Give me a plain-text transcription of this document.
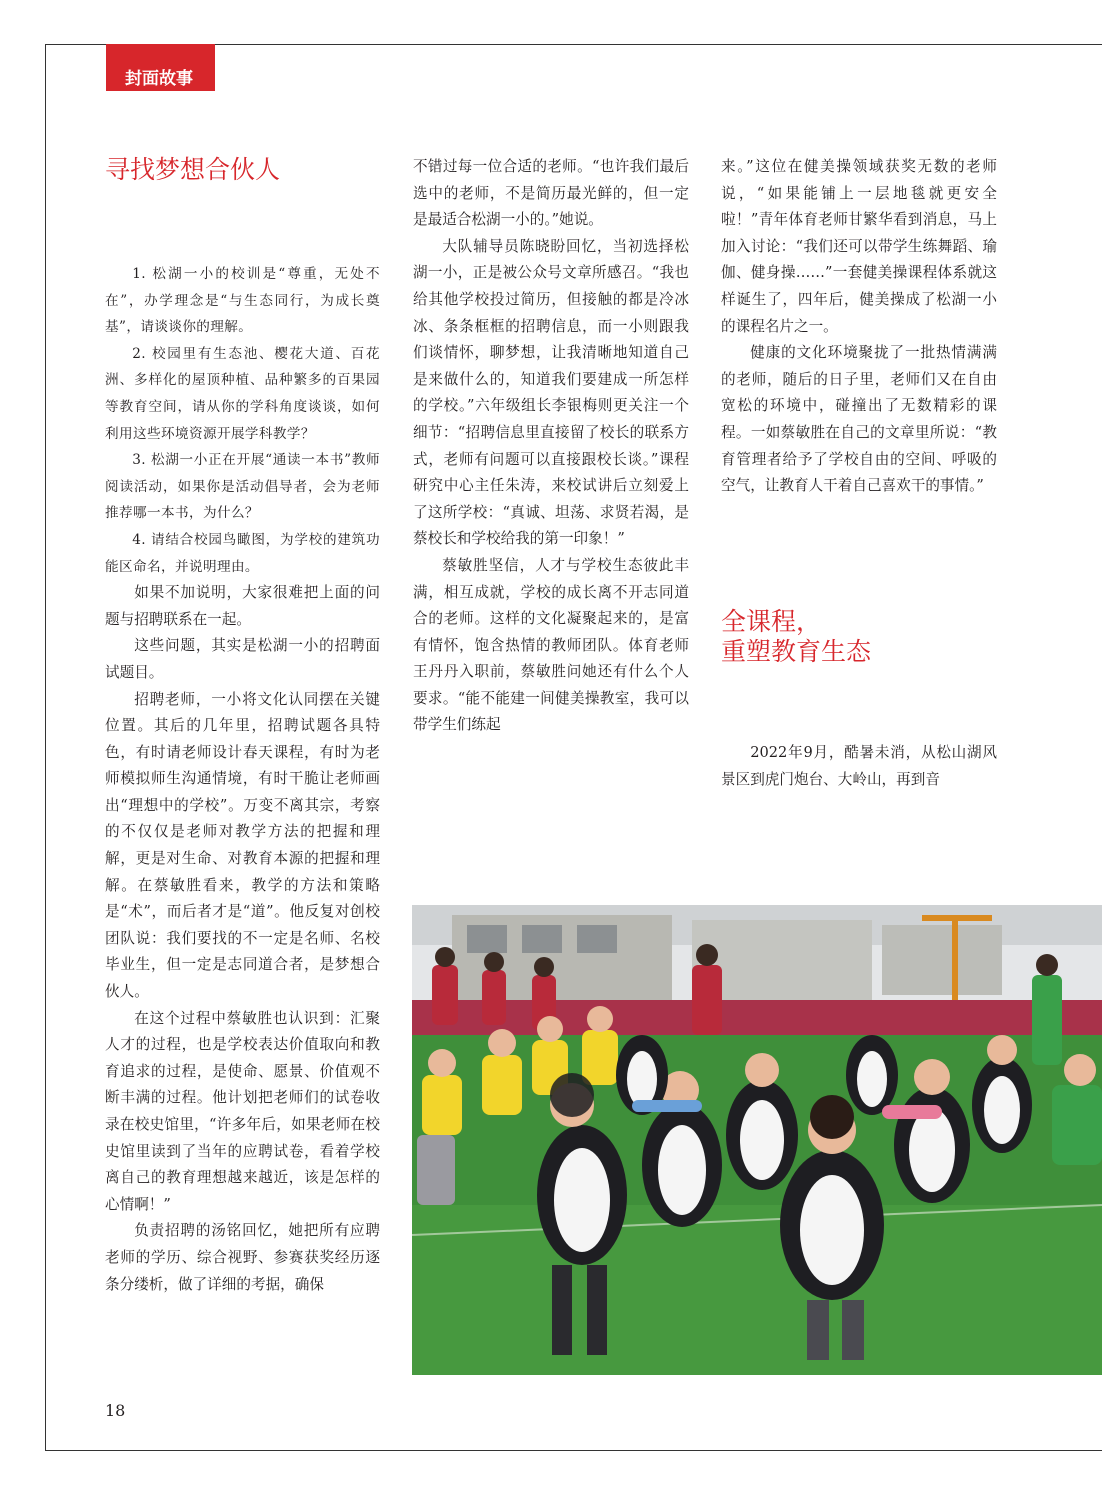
封面故事
寻找梦想合伙人

1. 松湖一小的校训是“尊重，无处不在”，办学理念是“与生态同行，为成长奠基”，请谈谈你的理解。

2. 校园里有生态池、樱花大道、百花洲、多样化的屋顶种植、品种繁多的百果园等教育空间，请从你的学科角度谈谈，如何利用这些环境资源开展学科教学？

3. 松湖一小正在开展“通读一本书”教师阅读活动，如果你是活动倡导者，会为老师推荐哪一本书，为什么？

4. 请结合校园鸟瞰图，为学校的建筑功能区命名，并说明理由。

如果不加说明，大家很难把上面的问题与招聘联系在一起。

这些问题，其实是松湖一小的招聘面试题目。

招聘老师，一小将文化认同摆在关键位置。其后的几年里，招聘试题各具特色，有时请老师设计春天课程，有时为老师模拟师生沟通情境，有时干脆让老师画出“理想中的学校”。万变不离其宗，考察的不仅仅是老师对教学方法的把握和理解，更是对生命、对教育本源的把握和理解。在蔡敏胜看来，教学的方法和策略是“术”，而后者才是“道”。他反复对创校团队说：我们要找的不一定是名师、名校毕业生，但一定是志同道合者，是梦想合伙人。

在这个过程中蔡敏胜也认识到：汇聚人才的过程，也是学校表达价值取向和教育追求的过程，是使命、愿景、价值观不断丰满的过程。他计划把老师们的试卷收录在校史馆里，“许多年后，如果老师在校史馆里读到了当年的应聘试卷，看着学校离自己的教育理想越来越近，该是怎样的心情啊！”

负责招聘的汤铭回忆，她把所有应聘老师的学历、综合视野、参赛获奖经历逐条分缕析，做了详细的考据，确保

不错过每一位合适的老师。“也许我们最后选中的老师，不是简历最光鲜的，但一定是最适合松湖一小的。”她说。

大队辅导员陈晓盼回忆，当初选择松湖一小，正是被公众号文章所感召。“我也给其他学校投过简历，但接触的都是冷冰冰、条条框框的招聘信息，而一小则跟我们谈情怀，聊梦想，让我清晰地知道自己是来做什么的，知道我们要建成一所怎样的学校。”六年级组长李银梅则更关注一个细节：“招聘信息里直接留了校长的联系方式，老师有问题可以直接跟校长谈。”课程研究中心主任朱涛，来校试讲后立刻爱上了这所学校：“真诚、坦荡、求贤若渴，是蔡校长和学校给我的第一印象！”

蔡敏胜坚信，人才与学校生态彼此丰满，相互成就，学校的成长离不开志同道合的老师。这样的文化凝聚起来的，是富有情怀，饱含热情的教师团队。体育老师王丹丹入职前，蔡敏胜问她还有什么个人要求。“能不能建一间健美操教室，我可以带学生们练起

来。”这位在健美操领域获奖无数的老师说，“如果能铺上一层地毯就更安全啦！”青年体育老师甘繁华看到消息，马上加入讨论：“我们还可以带学生练舞蹈、瑜伽、健身操……”一套健美操课程体系就这样诞生了，四年后，健美操成了松湖一小的课程名片之一。

健康的文化环境聚拢了一批热情满满的老师，随后的日子里，老师们又在自由宽松的环境中，碰撞出了无数精彩的课程。一如蔡敏胜在自己的文章里所说：“教育管理者给予了学校自由的空间、呼吸的空气，让教育人干着自己喜欢干的事情。”

全课程，
重塑教育生态

2022年9月，酷暑未消，从松山湖风景区到虎门炮台、大岭山，再到音

18
